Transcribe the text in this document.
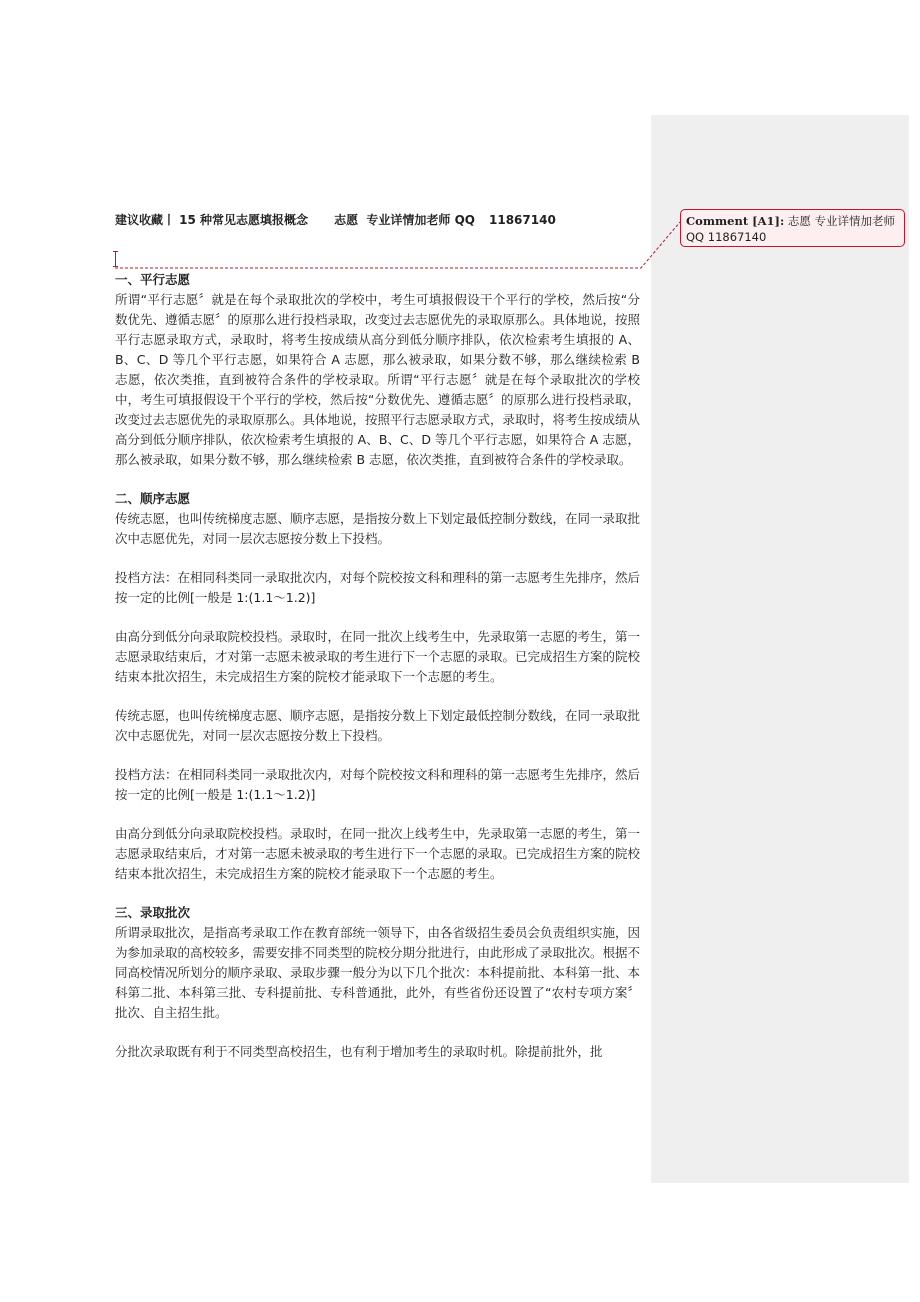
建议收藏丨 15 种常见志愿填报概念 志愿  专业详情加老师 QQ 11867140	Comment [A1]: 志愿 专业详情加老师 QQ 11867140
一、平行志愿

所谓“平行志愿〞就是在每个录取批次的学校中，考生可填报假设干个平行的学校，然后按“分数优先、遵循志愿〞的原那么进行投档录取，改变过去志愿优先的录取原那么。具体地说，按照平行志愿录取方式，录取时，将考生按成绩从高分到低分顺序排队，依次检索考生填报的 A、B、C、D 等几个平行志愿，如果符合 A 志愿，那么被录取，如果分数不够，那么继续检索 B 志愿，依次类推，直到被符合条件的学校录取。所谓“平行志愿〞就是在每个录取批次的学校中，考生可填报假设干个平行的学校，然后按“分数优先、遵循志愿〞的原那么进行投档录取，改变过去志愿优先的录取原那么。具体地说，按照平行志愿录取方式，录取时，将考生按成绩从高分到低分顺序排队，依次检索考生填报的 A、B、C、D 等几个平行志愿，如果符合 A 志愿，那么被录取，如果分数不够，那么继续检索 B 志愿，依次类推，直到被符合条件的学校录取。

二、顺序志愿

传统志愿，也叫传统梯度志愿、顺序志愿，是指按分数上下划定最低控制分数线，在同一录取批次中志愿优先，对同一层次志愿按分数上下投档。

投档方法：在相同科类同一录取批次内，对每个院校按文科和理科的第一志愿考生先排序，然后按一定的比例[一般是 1:(1.1〜1.2)]

由高分到低分向录取院校投档。录取时，在同一批次上线考生中，先录取第一志愿的考生，第一志愿录取结束后，才对第一志愿未被录取的考生进行下一个志愿的录取。已完成招生方案的院校结束本批次招生，未完成招生方案的院校才能录取下一个志愿的考生。

传统志愿，也叫传统梯度志愿、顺序志愿，是指按分数上下划定最低控制分数线，在同一录取批次中志愿优先，对同一层次志愿按分数上下投档。

投档方法：在相同科类同一录取批次内，对每个院校按文科和理科的第一志愿考生先排序，然后按一定的比例[一般是 1:(1.1〜1.2)]

由高分到低分向录取院校投档。录取时，在同一批次上线考生中，先录取第一志愿的考生，第一志愿录取结束后，才对第一志愿未被录取的考生进行下一个志愿的录取。已完成招生方案的院校结束本批次招生，未完成招生方案的院校才能录取下一个志愿的考生。

三、录取批次

所谓录取批次，是指高考录取工作在教育部统一领导下，由各省级招生委员会负责组织实施，因为参加录取的高校较多，需要安排不同类型的院校分期分批进行，由此形成了录取批次。根据不同高校情况所划分的顺序录取、录取步骤一般分为以下几个批次：本科提前批、本科第一批、本科第二批、本科第三批、专科提前批、专科普通批，此外，有些省份还设置了“农村专项方案〞批次、自主招生批。

分批次录取既有利于不同类型高校招生，也有利于增加考生的录取时机。除提前批外，批
